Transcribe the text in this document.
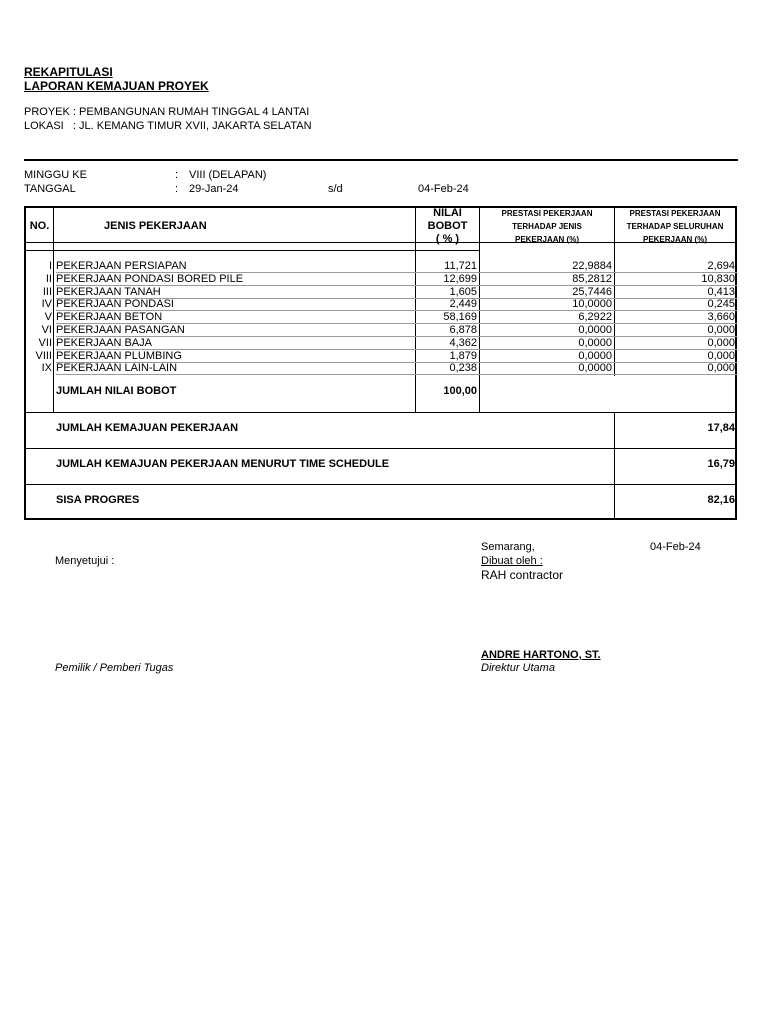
REKAPITULASI
LAPORAN KEMAJUAN PROYEK
PROYEK : PEMBANGUNAN RUMAH TINGGAL 4 LANTAI
LOKASI   : JL. KEMANG TIMUR XVII, JAKARTA SELATAN
MINGGU KE	: VIII (DELAPAN)
TANGGAL	: 29-Jan-24	s/d	04-Feb-24
NO.	JENIS PEKERJAAN
NILAI
BOBOT
( % )
PRESTASI PEKERJAAN
TERHADAP JENIS
PEKERJAAN (%)
PRESTASI PEKERJAAN
TERHADAP SELURUHAN
PEKERJAAN (%)
I PEKERJAAN PERSIAPAN	11,721	22,9884	2,694
II PEKERJAAN PONDASI BORED PILE	12,699	85,2812	10,830
III PEKERJAAN TANAH	1,605	25,7446	0,413
IV PEKERJAAN PONDASI	2,449	10,0000	0,245
V PEKERJAAN BETON	58,169	6,2922	3,660
VI PEKERJAAN PASANGAN	6,878	0,0000	0,000
VII PEKERJAAN BAJA	4,362	0,0000	0,000
VIII PEKERJAAN PLUMBING	1,879	0,0000	0,000
IX PEKERJAAN LAIN-LAIN	0,238	0,0000	0,000
JUMLAH NILAI BOBOT	100,00
JUMLAH KEMAJUAN PEKERJAAN	17,84
JUMLAH KEMAJUAN PEKERJAAN MENURUT TIME SCHEDULE	16,79
SISA PROGRES	82,16
Semarang,	04-Feb-24
Menyetujui :	Dibuat oleh :
RAH contractor
ANDRE HARTONO, ST.
Pemilik / Pemberi Tugas	Direktur Utama
